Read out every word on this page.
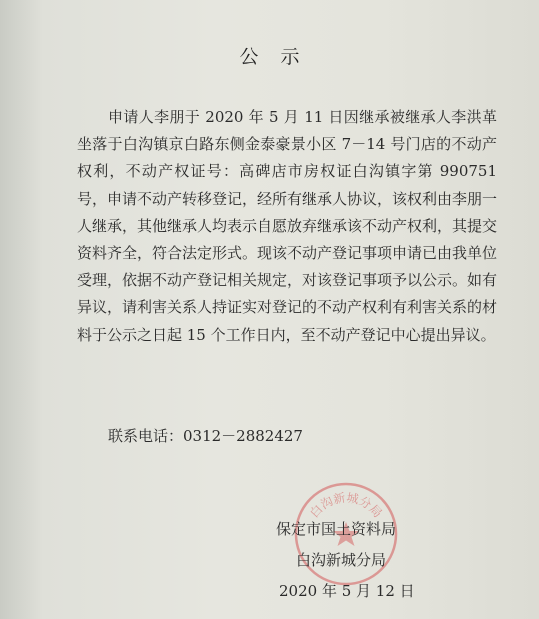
公示

申请人李朋于 2020 年 5 月 11 日因继承被继承人李洪革坐落于白沟镇京白路东侧金泰豪景小区 7－14 号门店的不动产权利，不动产权证号：高碑店市房权证白沟镇字第 990751 号，申请不动产转移登记，经所有继承人协议，该权利由李朋一人继承，其他继承人均表示自愿放弃继承该不动产权利，其提交资料齐全，符合法定形式。现该不动产登记事项申请已由我单位受理，依据不动产登记相关规定，对该登记事项予以公示。如有异议，请利害关系人持证实对登记的不动产权利有利害关系的材料于公示之日起 15 个工作日内，至不动产登记中心提出异议。

联系电话：0312－2882427
白沟新城分局
保定市国土资料局
白沟新城分局
2020 年 5 月 12 日
